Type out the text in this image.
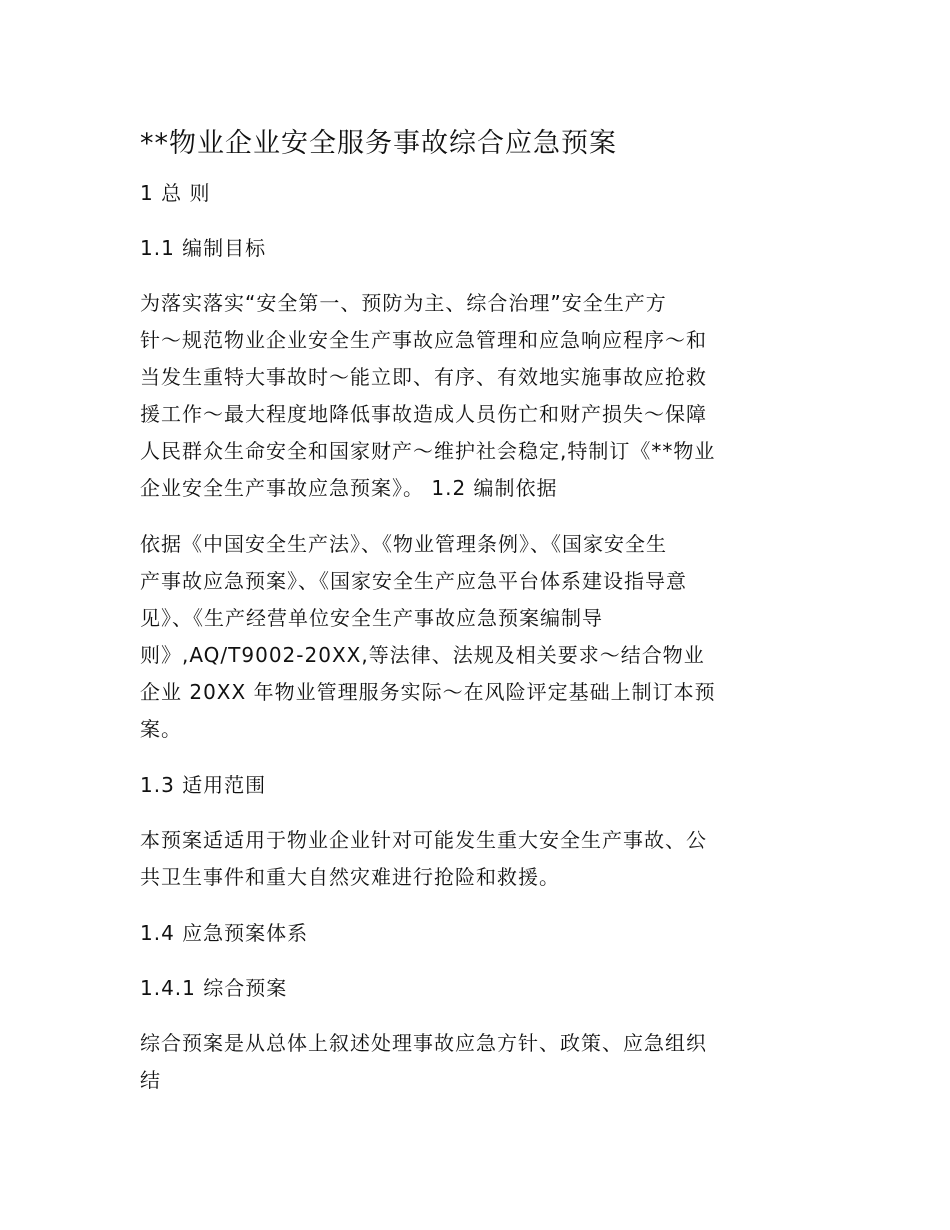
**物业企业安全服务事故综合应急预案
1 总 则
1.1 编制目标
为落实落实“安全第一、预防为主、综合治理”安全生产方
针～规范物业企业安全生产事故应急管理和应急响应程序～和
当发生重特大事故时～能立即、有序、有效地实施事故应抢救
援工作～最大程度地降低事故造成人员伤亡和财产损失～保障
人民群众生命安全和国家财产～维护社会稳定,特制订《**物业
企业安全生产事故应急预案》。 1.2 编制依据
依据《中国安全生产法》、《物业管理条例》、《国家安全生
产事故应急预案》、《国家安全生产应急平台体系建设指导意
见》、《生产经营单位安全生产事故应急预案编制导
则》,AQ/T9002-20XX,等法律、法规及相关要求～结合物业
企业 20XX 年物业管理服务实际～在风险评定基础上制订本预
案。
1.3 适用范围
本预案适适用于物业企业针对可能发生重大安全生产事故、公
共卫生事件和重大自然灾难进行抢险和救援。
1.4 应急预案体系
1.4.1 综合预案
综合预案是从总体上叙述处理事故应急方针、政策、应急组织
结
